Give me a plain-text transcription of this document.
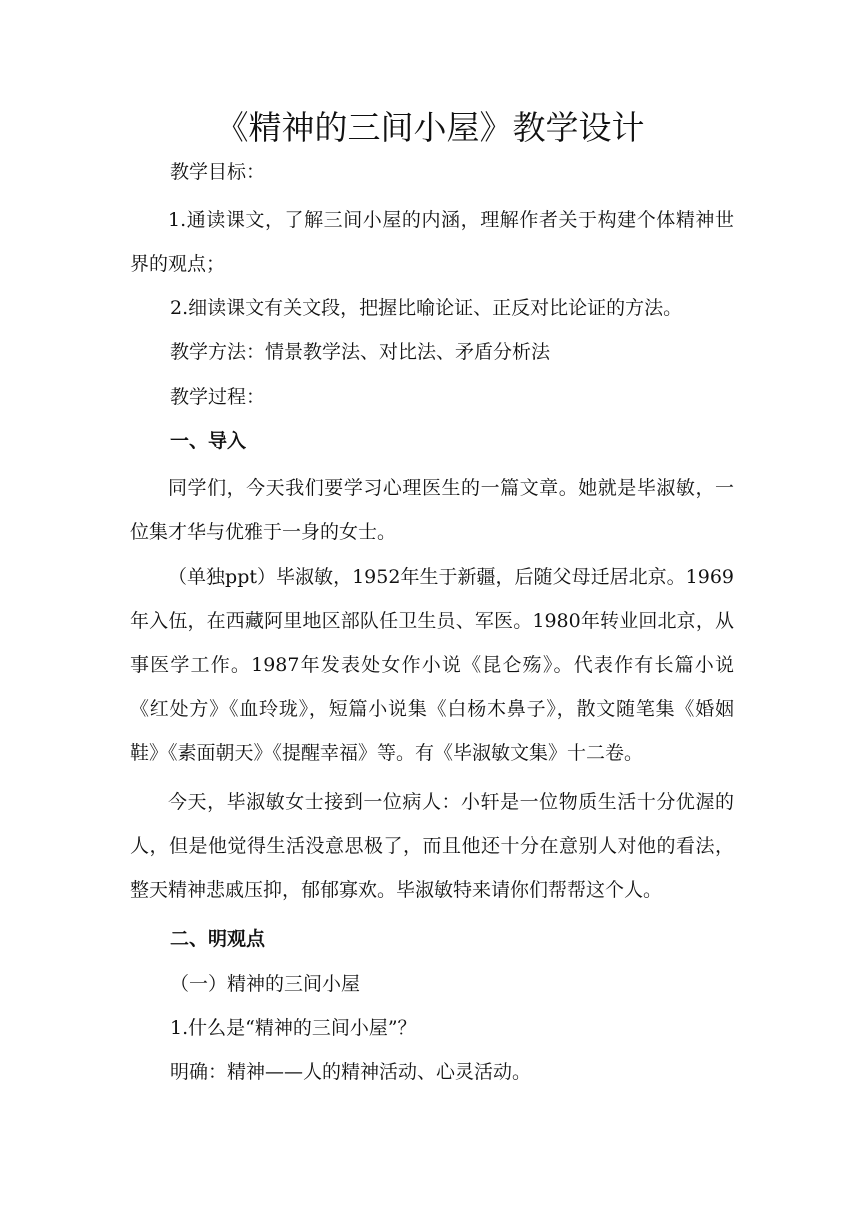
《精神的三间小屋》教学设计

教学目标：

1.通读课文，了解三间小屋的内涵，理解作者关于构建个体精神世界的观点；

2.细读课文有关文段，把握比喻论证、正反对比论证的方法。

教学方法：情景教学法、对比法、矛盾分析法

教学过程：

一、导入

同学们，今天我们要学习心理医生的一篇文章。她就是毕淑敏，一位集才华与优雅于一身的女士。

（单独ppt）毕淑敏，1952年生于新疆，后随父母迁居北京。1969年入伍，在西藏阿里地区部队任卫生员、军医。1980年转业回北京，从事医学工作。1987年发表处女作小说《昆仑殇》。代表作有长篇小说《红处方》《血玲珑》，短篇小说集《白杨木鼻子》，散文随笔集《婚姻鞋》《素面朝天》《提醒幸福》等。有《毕淑敏文集》十二卷。

今天，毕淑敏女士接到一位病人：小轩是一位物质生活十分优渥的人，但是他觉得生活没意思极了，而且他还十分在意别人对他的看法，整天精神悲戚压抑，郁郁寡欢。毕淑敏特来请你们帮帮这个人。

二、明观点

（一）精神的三间小屋

1.什么是“精神的三间小屋”？

明确：精神——人的精神活动、心灵活动。
